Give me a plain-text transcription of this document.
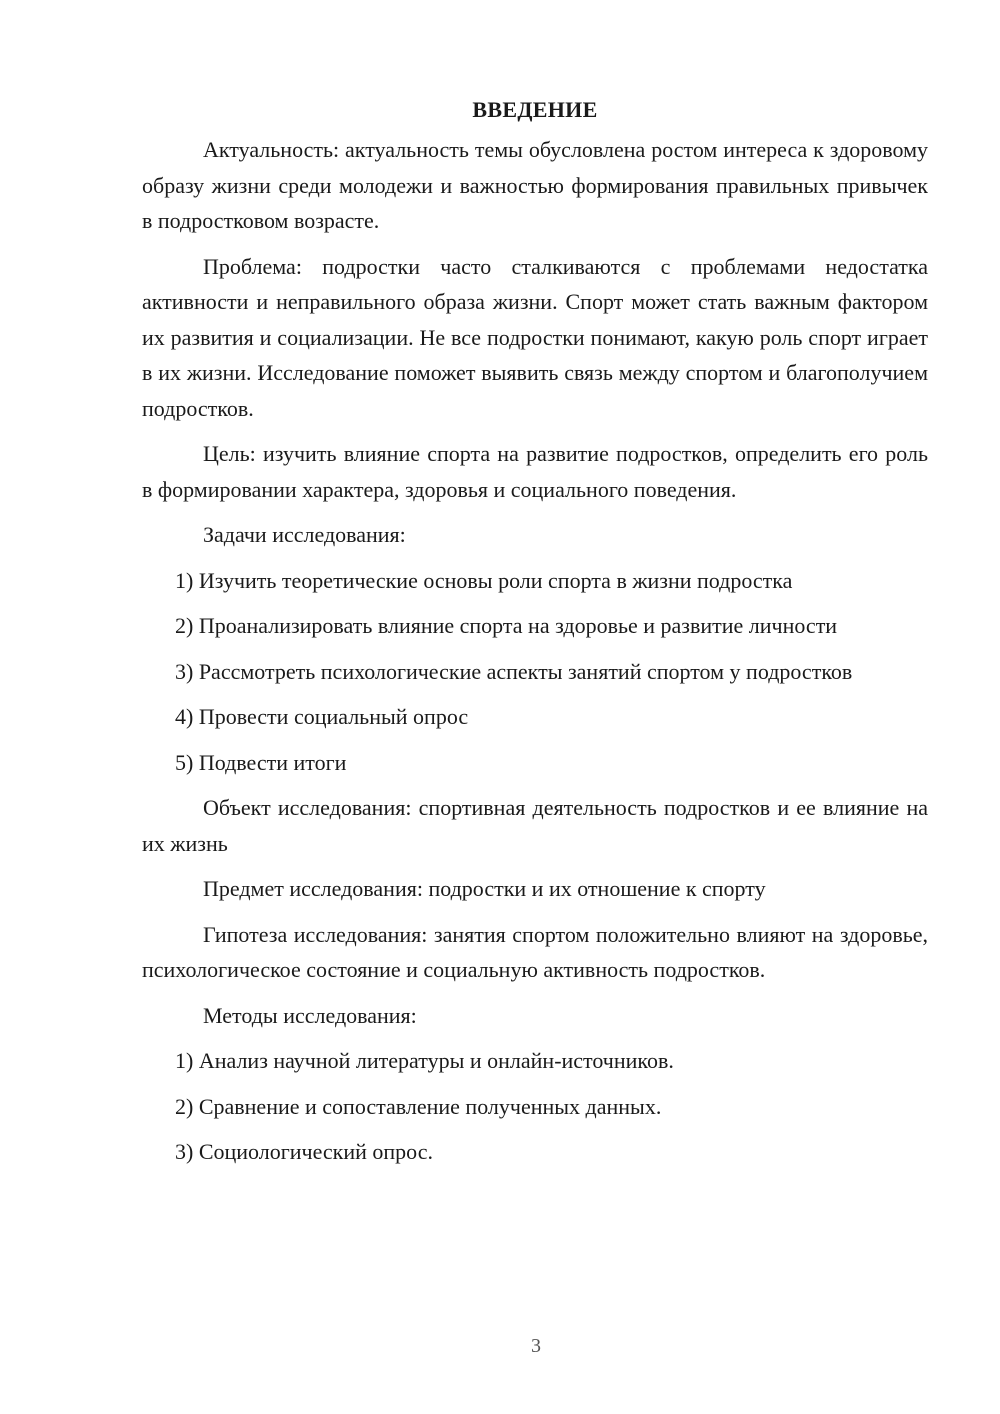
ВВЕДЕНИЕ

Актуальность: актуальность темы обусловлена ростом интереса к здоровому образу жизни среди молодежи и важностью формирования правильных привычек в подростковом возрасте.

Проблема: подростки часто сталкиваются с проблемами недостатка активности и неправильного образа жизни. Спорт может стать важным фактором их развития и социализации. Не все подростки понимают, какую роль спорт играет в их жизни. Исследование поможет выявить связь между спортом и благополучием подростков.

Цель: изучить влияние спорта на развитие подростков, определить его роль в формировании характера, здоровья и социального поведения.

Задачи исследования:

1) Изучить теоретические основы роли спорта в жизни подростка

2) Проанализировать влияние спорта на здоровье и развитие личности

3) Рассмотреть психологические аспекты занятий спортом у подростков

4) Провести социальный опрос

5) Подвести итоги

Объект исследования: спортивная деятельность подростков и ее влияние на их жизнь

Предмет исследования: подростки и их отношение к спорту

Гипотеза исследования: занятия спортом положительно влияют на здоровье, психологическое состояние и социальную активность подростков.

Методы исследования:

1) Анализ научной литературы и онлайн-источников.

2) Сравнение и сопоставление полученных данных.

3) Социологический опрос.

3
